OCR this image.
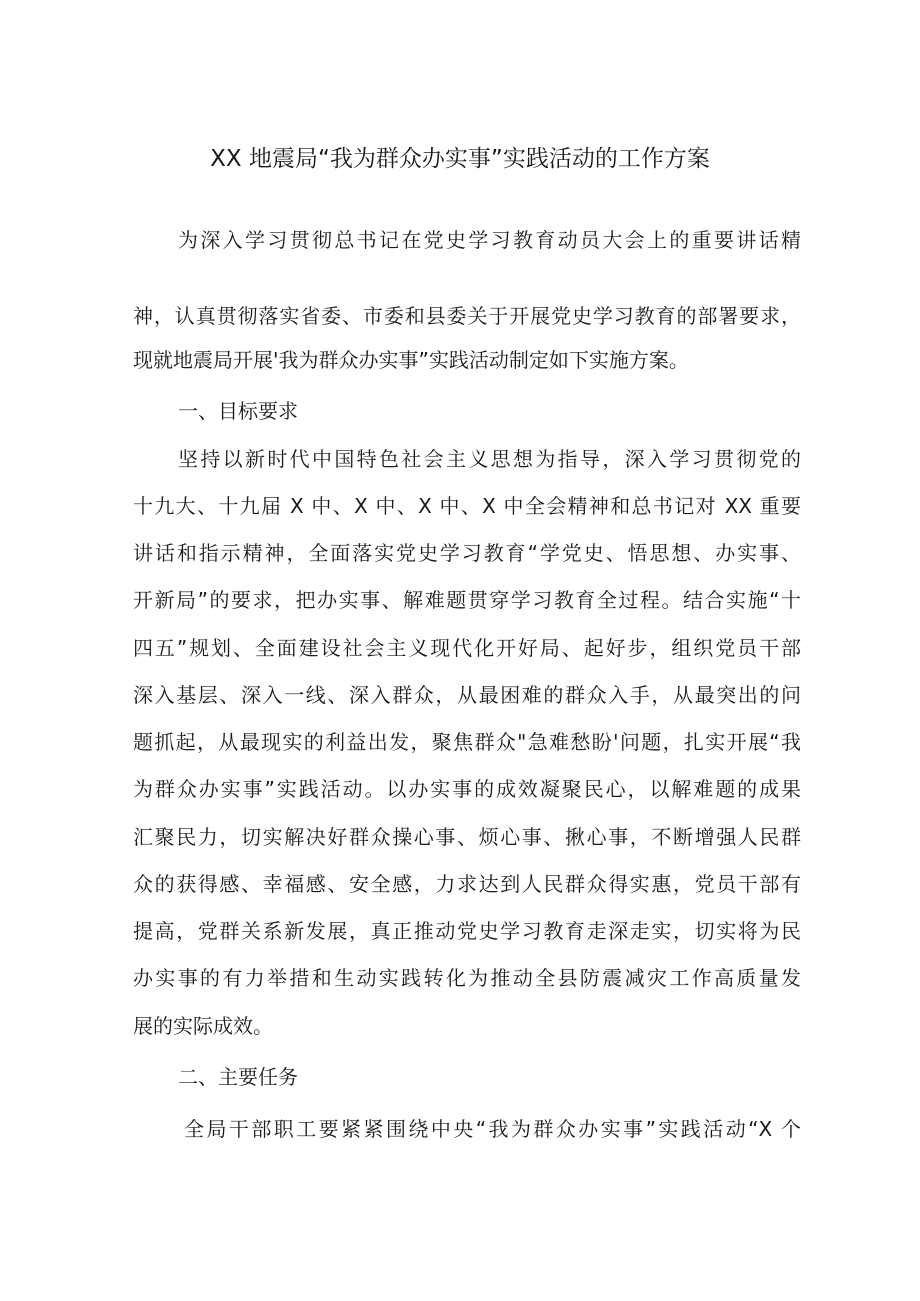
XX 地震局“我为群众办实事”实践活动的工作方案
为深入学习贯彻总书记在党史学习教育动员大会上的重要讲话精
神，认真贯彻落实省委、市委和县委关于开展党史学习教育的部署要求，
现就地震局开展'我为群众办实事”实践活动制定如下实施方案。
一、目标要求
坚持以新时代中国特色社会主义思想为指导，深入学习贯彻党的
十九大、十九届 X 中、X 中、X 中、X 中全会精神和总书记对 XX 重要
讲话和指示精神，全面落实党史学习教育“学党史、悟思想、办实事、
开新局”的要求，把办实事、解难题贯穿学习教育全过程。结合实施“十
四五”规划、全面建设社会主义现代化开好局、起好步，组织党员干部
深入基层、深入一线、深入群众，从最困难的群众入手，从最突出的问
题抓起，从最现实的利益出发，聚焦群众"急难愁盼'问题，扎实开展“我
为群众办实事”实践活动。以办实事的成效凝聚民心，以解难题的成果
汇聚民力，切实解决好群众操心事、烦心事、揪心事，不断增强人民群
众的获得感、幸福感、安全感，力求达到人民群众得实惠，党员干部有
提高，党群关系新发展，真正推动党史学习教育走深走实，切实将为民
办实事的有力举措和生动实践转化为推动全县防震减灾工作高质量发
展的实际成效。
二、主要任务
全局干部职工要紧紧围绕中央“我为群众办实事”实践活动“X 个
